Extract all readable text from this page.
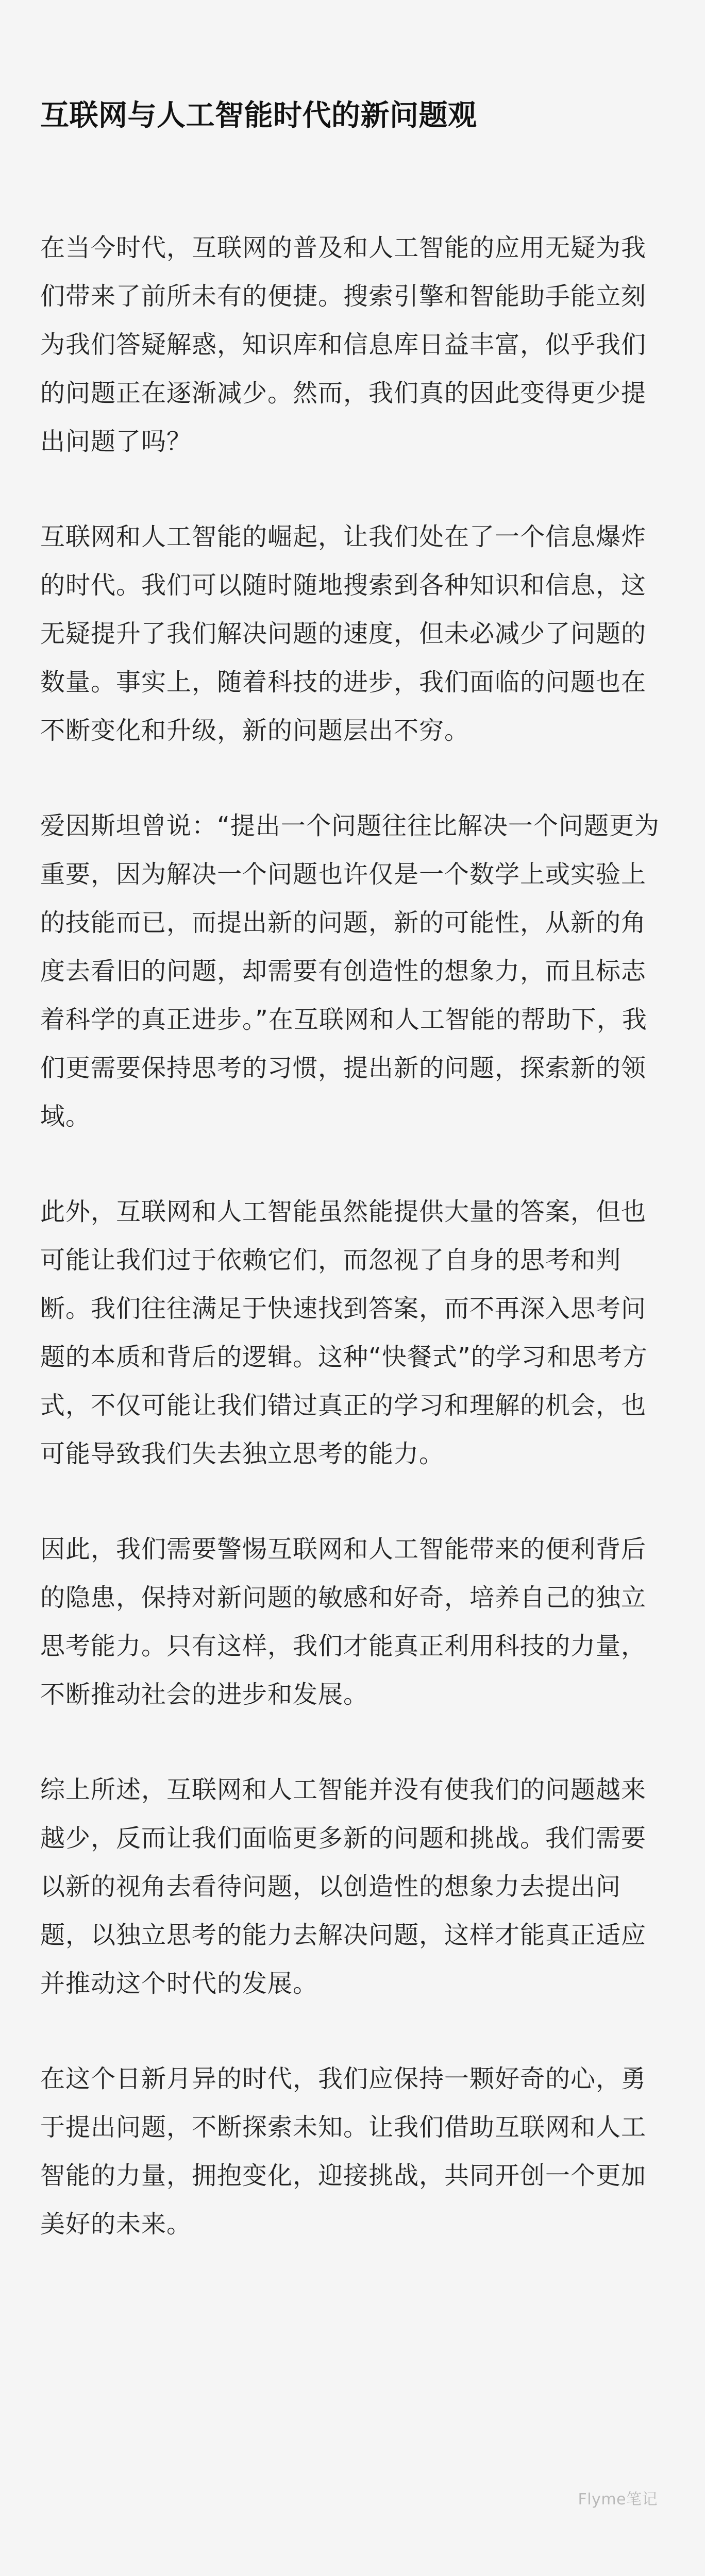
互联网与人工智能时代的新问题观

在当今时代，互联网的普及和人工智能的应用无疑为我们带来了前所未有的便捷。搜索引擎和智能助手能立刻为我们答疑解惑，知识库和信息库日益丰富，似乎我们的问题正在逐渐减少。然而，我们真的因此变得更少提出问题了吗？

互联网和人工智能的崛起，让我们处在了一个信息爆炸的时代。我们可以随时随地搜索到各种知识和信息，这无疑提升了我们解决问题的速度，但未必减少了问题的数量。事实上，随着科技的进步，我们面临的问题也在不断变化和升级，新的问题层出不穷。

爱因斯坦曾说：“提出一个问题往往比解决一个问题更为重要，因为解决一个问题也许仅是一个数学上或实验上的技能而已，而提出新的问题，新的可能性，从新的角度去看旧的问题，却需要有创造性的想象力，而且标志着科学的真正进步。”在互联网和人工智能的帮助下，我们更需要保持思考的习惯，提出新的问题，探索新的领域。

此外，互联网和人工智能虽然能提供大量的答案，但也可能让我们过于依赖它们，而忽视了自身的思考和判断。我们往往满足于快速找到答案，而不再深入思考问题的本质和背后的逻辑。这种“快餐式”的学习和思考方式，不仅可能让我们错过真正的学习和理解的机会，也可能导致我们失去独立思考的能力。

因此，我们需要警惕互联网和人工智能带来的便利背后的隐患，保持对新问题的敏感和好奇，培养自己的独立思考能力。只有这样，我们才能真正利用科技的力量，不断推动社会的进步和发展。

综上所述，互联网和人工智能并没有使我们的问题越来越少，反而让我们面临更多新的问题和挑战。我们需要以新的视角去看待问题，以创造性的想象力去提出问题，以独立思考的能力去解决问题，这样才能真正适应并推动这个时代的发展。

在这个日新月异的时代，我们应保持一颗好奇的心，勇于提出问题，不断探索未知。让我们借助互联网和人工智能的力量，拥抱变化，迎接挑战，共同开创一个更加美好的未来。

Flyme笔记
